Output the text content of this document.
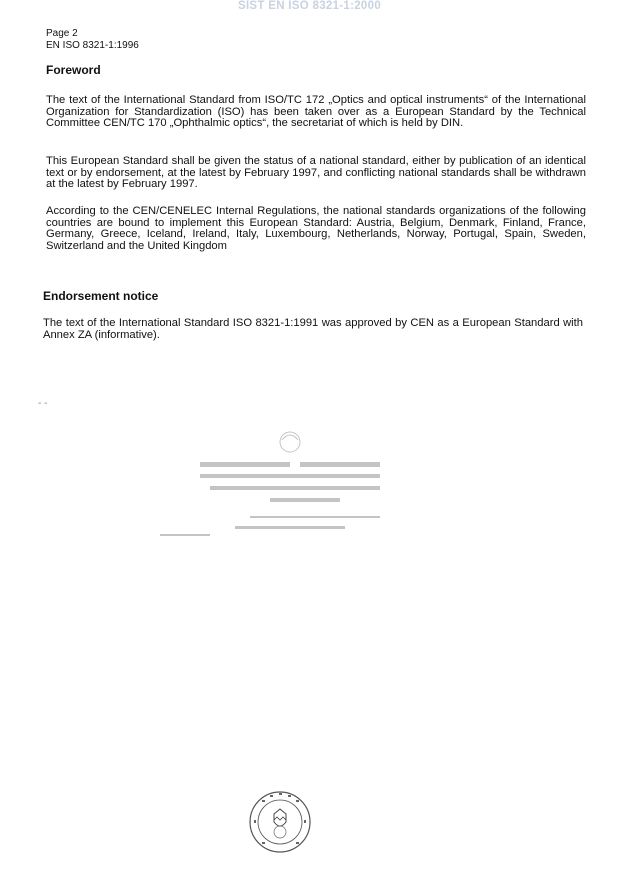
SIST EN ISO 8321-1:2000
Page 2
EN ISO 8321-1:1996
Foreword
The text of the International Standard from ISO/TC 172 „Optics and optical instruments“ of the International Organization for Standardization (ISO) has been taken over as a European Standard by the Technical Committee CEN/TC 170 „Ophthalmic optics“, the secretariat of which is held by DIN.
This European Standard shall be given the status of a national standard, either by publication of an identical text or by endorsement, at the latest by February 1997, and conflicting national standards shall be withdrawn at the latest by February 1997.
According to the CEN/CENELEC Internal Regulations, the national standards organizations of the following countries are bound to implement this European Standard: Austria, Belgium, Denmark, Finland, France, Germany, Greece, Iceland, Ireland, Italy, Luxembourg, Netherlands, Norway, Portugal, Spain, Sweden, Switzerland and the United Kingdom
Endorsement notice
The text of the International Standard ISO 8321-1:1991 was approved by CEN as a European Standard with Annex ZA (informative).
- -
